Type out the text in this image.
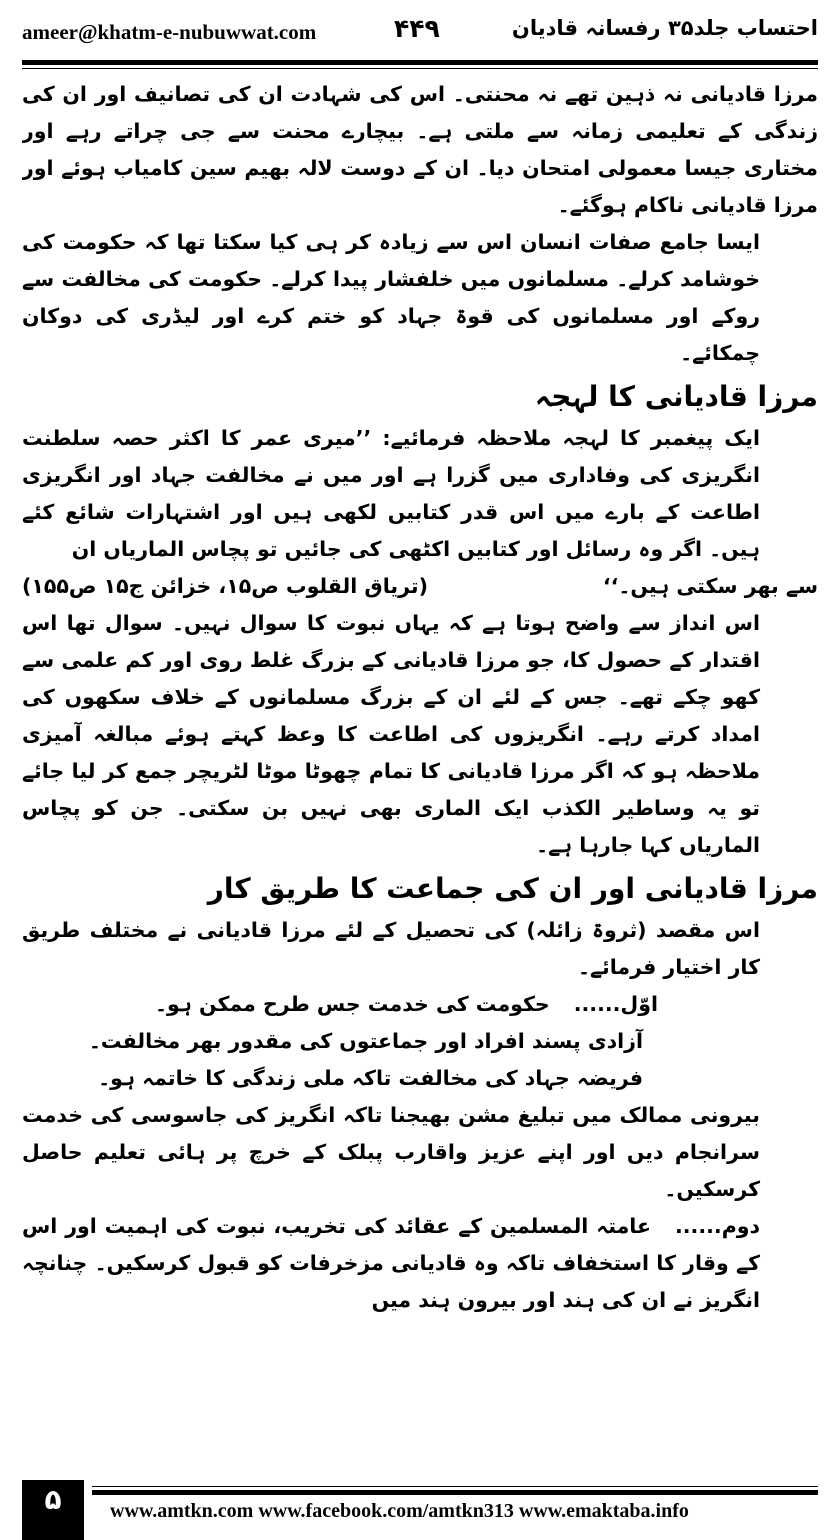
ameer@khatm-e-nubuwwat.com	۴۴۹	احتساب جلد۳۵ رفسانہ قادیان

مرزا قادیانی نہ ذہین تھے نہ محنتی۔ اس کی شہادت ان کی تصانیف اور ان کی زندگی کے تعلیمی زمانہ سے ملتی ہے۔ بیچارے محنت سے جی چراتے رہے اور مختاری جیسا معمولی امتحان دیا۔ ان کے دوست لالہ بھیم سین کامیاب ہوئے اور مرزا قادیانی ناکام ہوگئے۔

ایسا جامع صفات انسان اس سے زیادہ کر ہی کیا سکتا تھا کہ حکومت کی خوشامد کرلے۔ مسلمانوں میں خلفشار پیدا کرلے۔ حکومت کی مخالفت سے روکے اور مسلمانوں کی قوۃ جہاد کو ختم کرے اور لیڈری کی دوکان چمکائے۔

مرزا قادیانی کا لہجہ

ایک پیغمبر کا لہجہ ملاحظہ فرمائیے: ’’میری عمر کا اکثر حصہ سلطنت انگریزی کی وفاداری میں گزرا ہے اور میں نے مخالفت جہاد اور انگریزی اطاعت کے بارے میں اس قدر کتابیں لکھی ہیں اور اشتہارات شائع کئے ہیں۔ اگر وہ رسائل اور کتابیں اکٹھی کی جائیں تو پچاس الماریاں ان

سے بھر سکتی ہیں۔‘‘
(تریاق القلوب ص۱۵، خزائن ج۱۵ ص۱۵۵)

اس انداز سے واضح ہوتا ہے کہ یہاں نبوت کا سوال نہیں۔ سوال تھا اس اقتدار کے حصول کا، جو مرزا قادیانی کے بزرگ غلط روی اور کم علمی سے کھو چکے تھے۔ جس کے لئے ان کے بزرگ مسلمانوں کے خلاف سکھوں کی امداد کرتے رہے۔ انگریزوں کی اطاعت کا وعظ کہتے ہوئے مبالغہ آمیزی ملاحظہ ہو کہ اگر مرزا قادیانی کا تمام چھوٹا موٹا لٹریچر جمع کر لیا جائے تو یہ وساطیر الکذب ایک الماری بھی نہیں بن سکتی۔ جن کو پچاس الماریاں کہا جارہا ہے۔

مرزا قادیانی اور ان کی جماعت کا طریق کار

اس مقصد (ثروۃ زائلہ) کی تحصیل کے لئے مرزا قادیانی نے مختلف طریق کار اختیار فرمائے۔

اوّل......حکومت کی خدمت جس طرح ممکن ہو۔
آزادی پسند افراد اور جماعتوں کی مقدور بھر مخالفت۔
فریضہ جہاد کی مخالفت تاکہ ملی زندگی کا خاتمہ ہو۔

بیرونی ممالک میں تبلیغ مشن بھیجنا تاکہ انگریز کی جاسوسی کی خدمت سرانجام دیں اور اپنے عزیز واقارب پبلک کے خرچ پر ہائی تعلیم حاصل کرسکیں۔

دوم......عامتہ المسلمین کے عقائد کی تخریب، نبوت کی اہمیت اور اس کے وقار کا استخفاف تاکہ وہ قادیانی مزخرفات کو قبول کرسکیں۔ چنانچہ انگریز نے ان کی ہند اور بیرون ہند میں

۵	www.amtkn.com www.facebook.com/amtkn313 www.emaktaba.info
